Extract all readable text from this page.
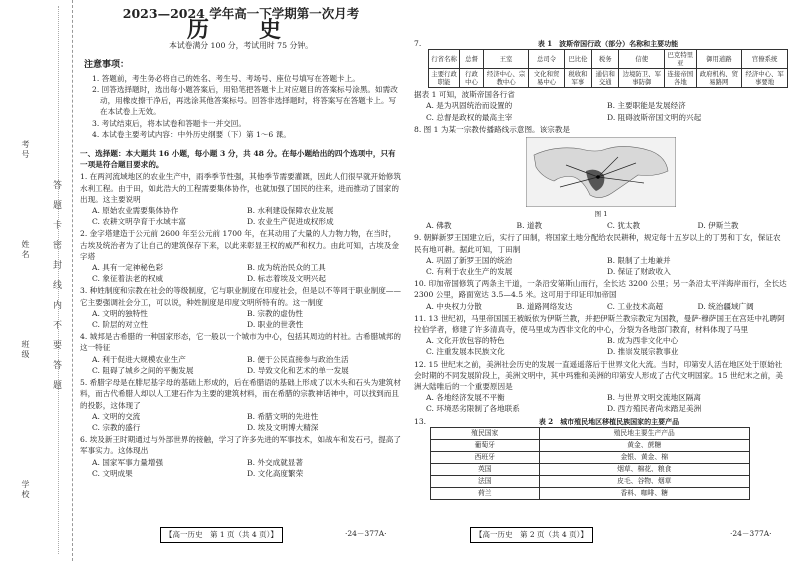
考号
姓名
班级
学校
答
题
卡
密
封
线
内
不
要
答
题
2023—2024 学年高一下学期第一次月考
历　史
本试卷满分 100 分，考试用时 75 分钟。
注意事项：

1. 答题前，考生务必将自己的姓名、考生号、考场号、座位号填写在答题卡上。

2. 回答选择题时，选出每小题答案后，用铅笔把答题卡上对应题目的答案标号涂黑。如需改动，用橡皮擦干净后，再选涂其他答案标号。回答非选择题时，将答案写在答题卡上。写在本试卷上无效。

3. 考试结束后，将本试卷和答题卡一并交回。

4. 本试卷主要考试内容：中外历史纲要（下）第 1～6 课。

一、选择题：本大题共 16 小题，每小题 3 分，共 48 分。在每小题给出的四个选项中，只有一项是符合题目要求的。

1. 在两河流域地区的农业生产中，雨季季节性强，其他季节需要灌溉，因此人们很早就开始修筑水利工程。由于田，如此浩大的工程需要集体协作，也就加强了国民的往来，进而推动了国家的出现。这主要说明

A. 原始农业需要集体协作	B. 水利建设保障农业发展
C. 农耕文明孕育于水域丰富	D. 农业生产促进成权形成

2. 金字塔建造于公元前 2600 年至公元前 1700 年，在其动用了大量的人力物力物，在当时，古埃及统治者为了让自己的建筑保存下来，以此来彰显王权的威严和权力。由此可知，古埃及金字塔

A. 具有一定神秘色彩	B. 成为统治民众的工具
C. 象征着法老的权威	D. 标志着埃及文明兴起

3. 种姓制度和宗教在社会的等级制度，它与职业制度在印度社会，但是以不等同于职业制度——它主要强调社会分工，可以说，种姓制度是印度文明所特有的。这一制度

A. 文明的独特性	B. 宗教的虚伪性
C. 阶层的对立性	D. 职业的世袭性

4. 城邦是古希腊的一种国家形态，它一般以一个城市为中心，包括其周边的村社。古希腊城邦的这一特征

A. 利于促进大规模农业生产	B. 便于公民直接参与政治生活
C. 阻碍了城乡之间的平衡发展	D. 导致文化和艺术的单一发展

5. 希腊字母是在腓尼基字母的基础上形成的，后在希腊语的基础上形成了以木头和石头为建筑材料，而古代希腊人却以人工建石作为主要的建筑材料，而在希腊的宗教神话神中，可以找到而且的投影，这体现了

A. 文明的交流	B. 希腊文明的先进性
C. 宗教的盛行	D. 埃及文明博大精深

6. 埃及新王时期通过与外部世界的接触，学习了许多先进的军事技术，如战车和发石弓，提高了军事实力。这体现出

A. 国家军事力量增强	B. 外交成就显著
C. 文明成果	D. 文化高度繁荣
【高一历史　第 1 页（共 4 页）】	·24－377A·
7.	表 1　波斯帝国行政（部分）名称和主要功能
行省名称	总督	王室	总司令	巴比伦	税务	信使	巴克特里亚	御用道路	官僚系统
主要行政职能	行政中心	经济中心、宗教中心	文化和贸易中心	税收和军事	通信和交通	边境防卫、军事防御	连接帝国各地	政府机构、贸易路网	经济中心、军事要地

据表 1 可知，波斯帝国各行省

A. 是为巩固统治而设置的	B. 主要职能是发展经济
C. 总督是政权的最高主宰	D. 阻碍波斯帝国文明的兴起

8. 图 1 为某一宗教传播路线示意图。该宗教是

图 1
A. 佛教	B. 道教	C. 犹太教	D. 伊斯兰教

9. 朝鲜新罗王国建立后，实行了田制，将国家土地分配给农民耕种，规定每十五岁以上的丁男和丁女，保证农民有地可耕。据此可知，丁田制

A. 巩固了新罗王国的统治	B. 限制了土地兼并
C. 有利于农业生产的发展	D. 保证了财政收入

10. 印加帝国修筑了两条主干道，一条沿安第斯山而行，全长达 3200 公里；另一条沿太平洋海岸而行，全长达 2300 公里，路面宽达 3.5—4.5 米。这可用于印证印加帝国

A. 中央权力分散	B. 道路网络发达	C. 工业技术高超	D. 统治疆域广阔

11. 13 世纪初，马里帝国国王被皈依为伊斯兰教，并把伊斯兰教宗教定为国教，曼萨·穆萨国王在宫廷中礼聘阿拉伯学者，修建了许多清真寺，使马里成为西非文化的中心，分裂为各地部门教育，材料体现了马里

A. 文化开放包容的特色	B. 成为西非文化中心
C. 注重发展本民族文化	D. 推崇发展宗教事业

12. 15 世纪末之前，美洲社会历史的发展一直遥遥落后于世界文化大流。当时，印第安人活在地区处于原始社会时期的不同发展阶段上，美洲文明中，其中玛雅和美洲的印第安人形成了古代文明国家。15 世纪末之前，美洲大陆唯后的一个重要原因是

A. 各地经济发展不平衡	B. 与世界文明交流地区隔离
C. 环境恶劣限制了各地联系	D. 西方殖民者尚未踏足美洲
13.	表 2　城市殖民地区移植民族国家的主要产品
殖民国家	殖民地主要生产产品
葡萄牙	黄金、蔗糖
西班牙	金银、黄金、棉
英国	烟草、棉花、粮食
法国	皮毛、谷物、烟草
荷兰	香料、咖啡、糖
【高一历史　第 2 页（共 4 页）】	·24－377A·
